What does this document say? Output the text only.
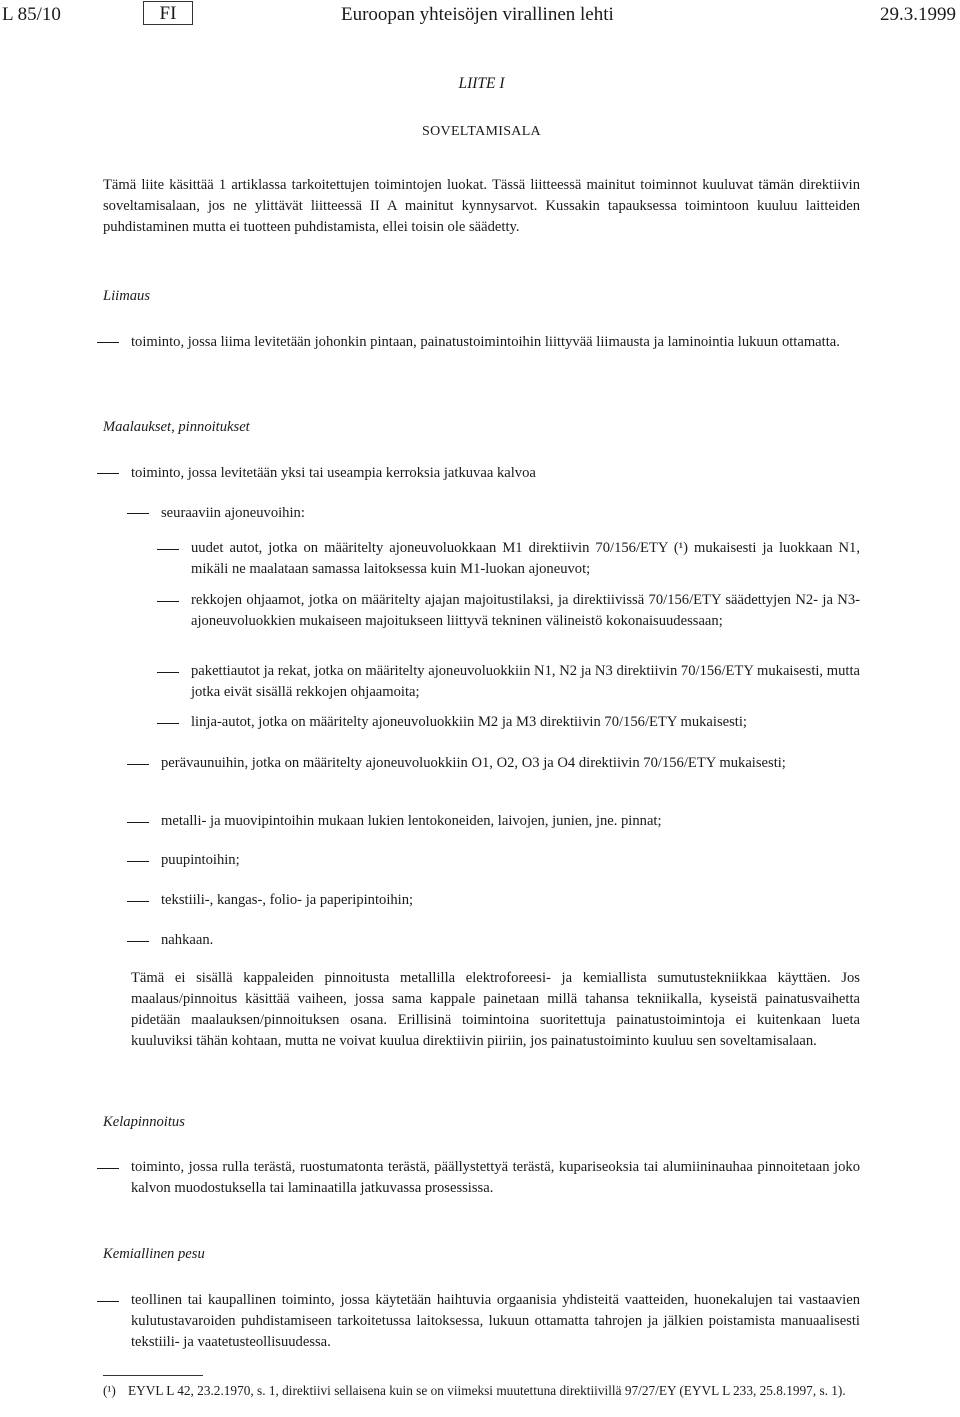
L 85/10	FI	Euroopan yhteisöjen virallinen lehti	29.3.1999
LIITE I
SOVELTAMISALA
Tämä liite käsittää 1 artiklassa tarkoitettujen toimintojen luokat. Tässä liitteessä mainitut toiminnot kuuluvat tämän direktiivin soveltamisalaan, jos ne ylittävät liitteessä II A mainitut kynnysarvot. Kussakin tapauksessa toimintoon kuuluu laitteiden puhdistaminen mutta ei tuotteen puhdistamista, ellei toisin ole säädetty.
Liimaus
toiminto, jossa liima levitetään johonkin pintaan, painatustoimintoihin liittyvää liimausta ja laminointia lukuun ottamatta.
Maalaukset, pinnoitukset
toiminto, jossa levitetään yksi tai useampia kerroksia jatkuvaa kalvoa
seuraaviin ajoneuvoihin:
uudet autot, jotka on määritelty ajoneuvoluokkaan M1 direktiivin 70/156/ETY (¹) mukaisesti ja luokkaan N1, mikäli ne maalataan samassa laitoksessa kuin M1-luokan ajoneuvot;
rekkojen ohjaamot, jotka on määritelty ajajan majoitustilaksi, ja direktiivissä 70/156/ETY säädettyjen N2- ja N3-ajoneuvoluokkien mukaiseen majoitukseen liittyvä tekninen välineistö kokonaisuudessaan;
pakettiautot ja rekat, jotka on määritelty ajoneuvoluokkiin N1, N2 ja N3 direktiivin 70/156/ETY mukaisesti, mutta jotka eivät sisällä rekkojen ohjaamoita;
linja-autot, jotka on määritelty ajoneuvoluokkiin M2 ja M3 direktiivin 70/156/ETY mukaisesti;
perävaunuihin, jotka on määritelty ajoneuvoluokkiin O1, O2, O3 ja O4 direktiivin 70/156/ETY mukaisesti;
metalli- ja muovipintoihin mukaan lukien lentokoneiden, laivojen, junien, jne. pinnat;
puupintoihin;
tekstiili-, kangas-, folio- ja paperipintoihin;
nahkaan.
Tämä ei sisällä kappaleiden pinnoitusta metallilla elektroforeesi- ja kemiallista sumutustekniikkaa käyttäen. Jos maalaus/pinnoitus käsittää vaiheen, jossa sama kappale painetaan millä tahansa tekniikalla, kyseistä painatusvaihetta pidetään maalauksen/pinnoituksen osana. Erillisinä toimintoina suoritettuja painatustoimintoja ei kuitenkaan lueta kuuluviksi tähän kohtaan, mutta ne voivat kuulua direktiivin piiriin, jos painatustoiminto kuuluu sen soveltamisalaan.
Kelapinnoitus
toiminto, jossa rulla terästä, ruostumatonta terästä, päällystettyä terästä, kupariseoksia tai alumiininauhaa pinnoitetaan joko kalvon muodostuksella tai laminaatilla jatkuvassa prosessissa.
Kemiallinen pesu
teollinen tai kaupallinen toiminto, jossa käytetään haihtuvia orgaanisia yhdisteitä vaatteiden, huonekalujen tai vastaavien kulutustavaroiden puhdistamiseen tarkoitetussa laitoksessa, lukuun ottamatta tahrojen ja jälkien poistamista manuaalisesti tekstiili- ja vaatetusteollisuudessa.
(¹) EYVL L 42, 23.2.1970, s. 1, direktiivi sellaisena kuin se on viimeksi muutettuna direktiivillä 97/27/EY (EYVL L 233, 25.8.1997, s. 1).
